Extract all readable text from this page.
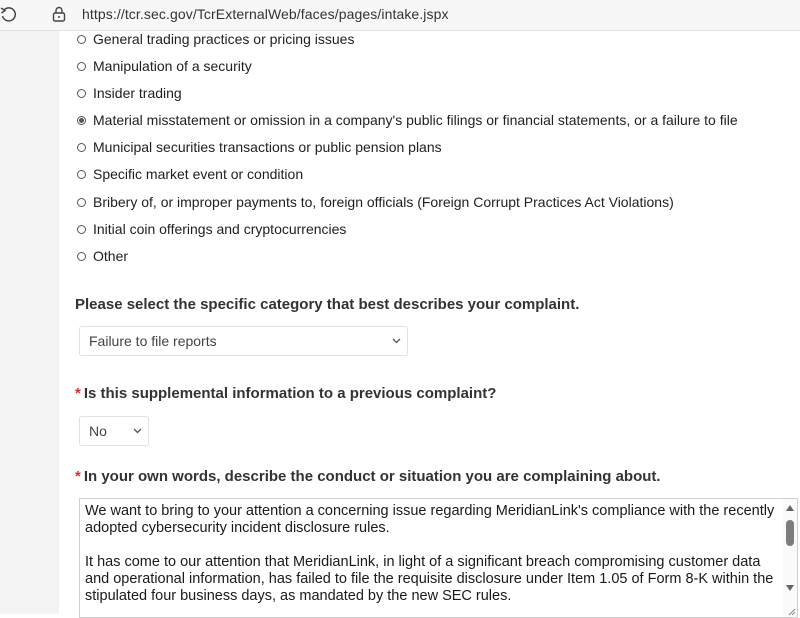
https://tcr.sec.gov/TcrExternalWeb/faces/pages/intake.jspx
General trading practices or pricing issues
Manipulation of a security
Insider trading
Material misstatement or omission in a company's public filings or financial statements, or a failure to file
Municipal securities transactions or public pension plans
Specific market event or condition
Bribery of, or improper payments to, foreign officials (Foreign Corrupt Practices Act Violations)
Initial coin offerings and cryptocurrencies
Other
Please select the specific category that best describes your complaint.
Failure to file reports
* Is this supplemental information to a previous complaint?
No
* In your own words, describe the conduct or situation you are complaining about.
We want to bring to your attention a concerning issue regarding MeridianLink's compliance with the recently adopted cybersecurity incident disclosure rules.

It has come to our attention that MeridianLink, in light of a significant breach compromising customer data and operational information, has failed to file the requisite disclosure under Item 1.05 of Form 8-K within the stipulated four business days, as mandated by the new SEC rules.
